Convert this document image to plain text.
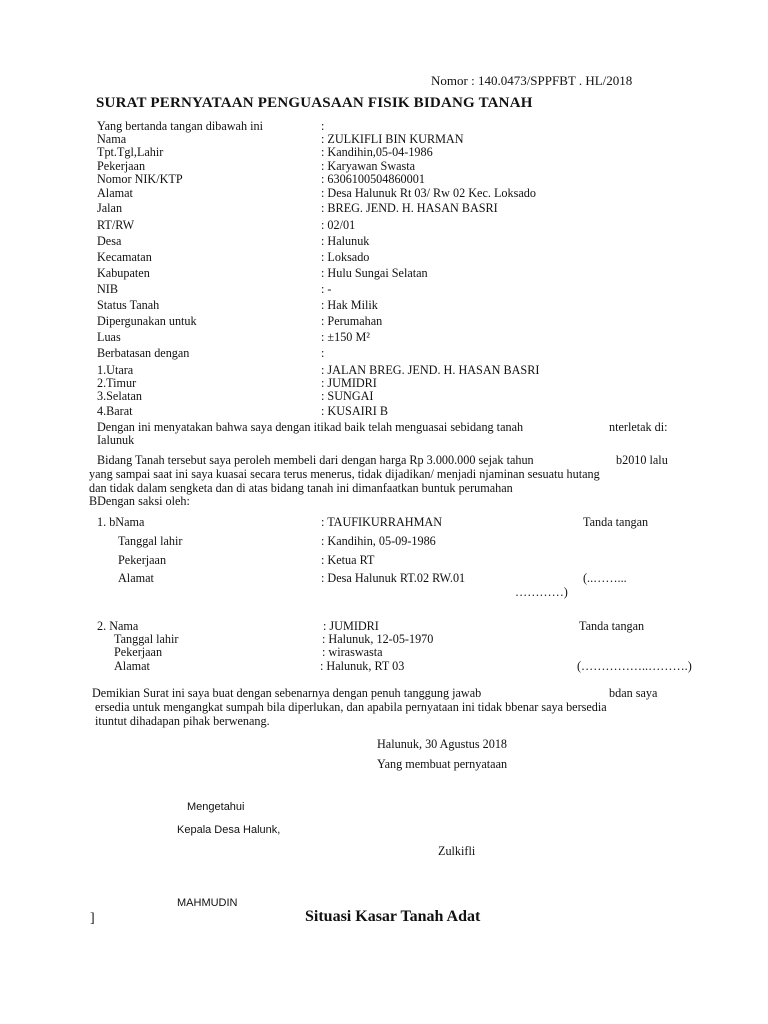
Nomor : 140.0473/SPPFBT . HL/2018
SURAT PERNYATAAN PENGUASAAN FISIK BIDANG TANAH
Yang bertanda tangan dibawah ini	:
Nama	: ZULKIFLI BIN KURMAN
Tpt.Tgl,Lahir	: Kandihin,05-04-1986
Pekerjaan	: Karyawan Swasta
Nomor NIK/KTP	: 6306100504860001
Alamat	: Desa Halunuk Rt 03/ Rw 02 Kec. Loksado
Jalan	: BREG. JEND. H. HASAN BASRI
RT/RW	: 02/01
Desa	: Halunuk
Kecamatan	: Loksado
Kabupaten	: Hulu Sungai Selatan
NIB	: -
Status Tanah	: Hak Milik
Dipergunakan untuk	: Perumahan
Luas	: ±150 M²
Berbatasan dengan	:
1.Utara	: JALAN BREG. JEND. H. HASAN BASRI
2.Timur	: JUMIDRI
3.Selatan	: SUNGAI
4.Barat	: KUSAIRI B
Dengan ini menyatakan bahwa saya dengan itikad baik telah menguasai sebidang tanah	nterletak di:
Ialunuk
Bidang Tanah tersebut saya peroleh membeli dari dengan harga Rp 3.000.000 sejak tahun	b2010 lalu
yang sampai saat ini saya kuasai secara terus menerus, tidak dijadikan/ menjadi njaminan sesuatu hutang
dan tidak dalam sengketa dan di atas bidang tanah ini dimanfaatkan buntuk perumahan
BDengan saksi oleh:
1. bNama	: TAUFIKURRAHMAN	Tanda tangan
Tanggal lahir	: Kandihin, 05-09-1986
Pekerjaan	: Ketua RT
Alamat	: Desa Halunuk RT.02 RW.01	(..……...
…………)
2. Nama	: JUMIDRI	Tanda tangan
Tanggal lahir	: Halunuk, 12-05-1970
Pekerjaan	: wiraswasta
Alamat	: Halunuk, RT 03	(……………..……….)
Demikian Surat ini saya buat dengan sebenarnya dengan penuh tanggung jawab	bdan saya
ersedia untuk mengangkat sumpah bila diperlukan, dan apabila pernyataan ini tidak bbenar saya bersedia
ituntut dihadapan pihak berwenang.
Halunuk, 30 Agustus 2018
Yang membuat pernyataan
Mengetahui
Kepala Desa Halunk,
Zulkifli
MAHMUDIN
]	Situasi Kasar Tanah Adat
